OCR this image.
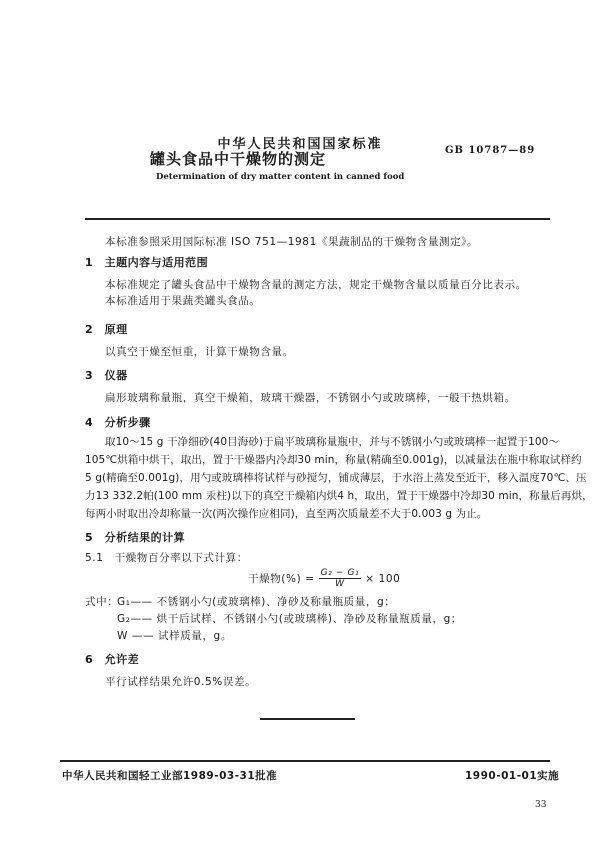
中华人民共和国国家标准
罐头食品中干燥物的测定	GB 10787—89
Determination of dry matter content in canned food
本标准参照采用国际标准 ISO 751—1981《果蔬制品的干燥物含量测定》。
1　主题内容与适用范围
本标准规定了罐头食品中干燥物含量的测定方法，规定干燥物含量以质量百分比表示。
本标准适用于果蔬类罐头食品。
2　原理
以真空干燥至恒重，计算干燥物含量。
3　仪器
扁形玻璃称量瓶，真空干燥箱，玻璃干燥器，不锈钢小勺或玻璃棒，一般干热烘箱。
4　分析步骤
取10～15 g 干净细砂(40目海砂)于扁平玻璃称量瓶中，并与不锈钢小勺或玻璃棒一起置于100～
105℃烘箱中烘干，取出，置于干燥器内冷却30 min，称量(精确至0.001g)，以减量法在瓶中称取试样约
5 g(精确至0.001g)，用勺或玻璃棒将试样与砂搅匀，铺成薄层，于水浴上蒸发至近干，移入温度70℃、压
力13 332.2帕(100 mm 汞柱)以下的真空干燥箱内烘4 h，取出，置于干燥器中冷却30 min，称量后再烘，
每两小时取出冷却称量一次(两次操作应相同)，直至两次质量差不大于0.003 g 为止。
5　分析结果的计算
5.1　干燥物百分率以下式计算：
干燥物(%) = $\frac{\text{G₂ − G₁}}{W} \times 100$
式中：
G₁—— 不锈钢小勺(或玻璃棒)、净砂及称量瓶质量，g；
G₂—— 烘干后试样、不锈钢小勺(或玻璃棒)、净砂及称量瓶质量，g；
W —— 试样质量，g。
6　允许差
平行试样结果允许0.5%误差。
中华人民共和国轻工业部1989-03-31批准	1990-01-01实施
33
